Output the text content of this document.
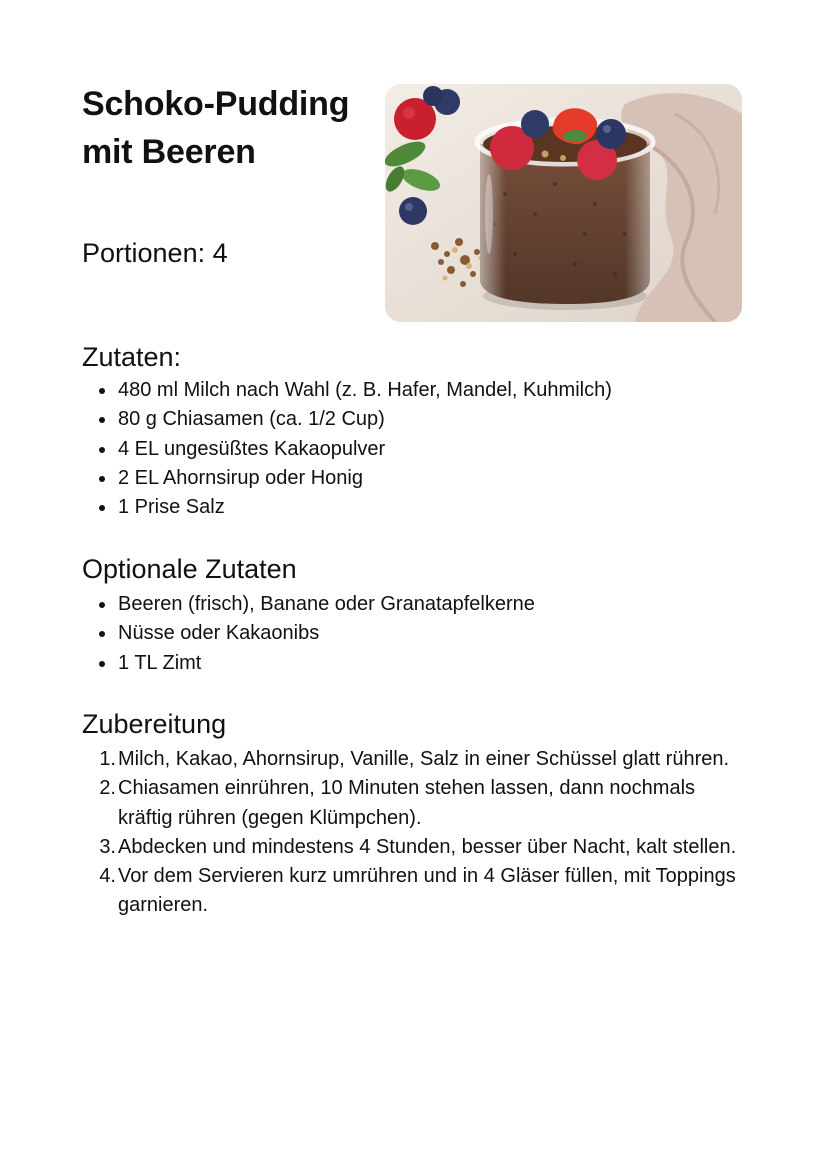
Schoko-Pudding mit Beeren

Portionen: 4

Zutaten:
480 ml Milch nach Wahl (z. B. Hafer, Mandel, Kuhmilch)
80 g Chiasamen (ca. 1/2 Cup)
4 EL ungesüßtes Kakaopulver
2 EL Ahornsirup oder Honig
1 Prise Salz
Optionale Zutaten
Beeren (frisch), Banane oder Granatapfelkerne
Nüsse oder Kakaonibs
1 TL Zimt
Zubereitung
1. Milch, Kakao, Ahornsirup, Vanille, Salz in einer Schüssel glatt rühren.
2. Chiasamen einrühren, 10 Minuten stehen lassen, dann nochmals kräftig rühren (gegen Klümpchen).
3. Abdecken und mindestens 4 Stunden, besser über Nacht, kalt stellen.
4. Vor dem Servieren kurz umrühren und in 4 Gläser füllen, mit Toppings garnieren.
